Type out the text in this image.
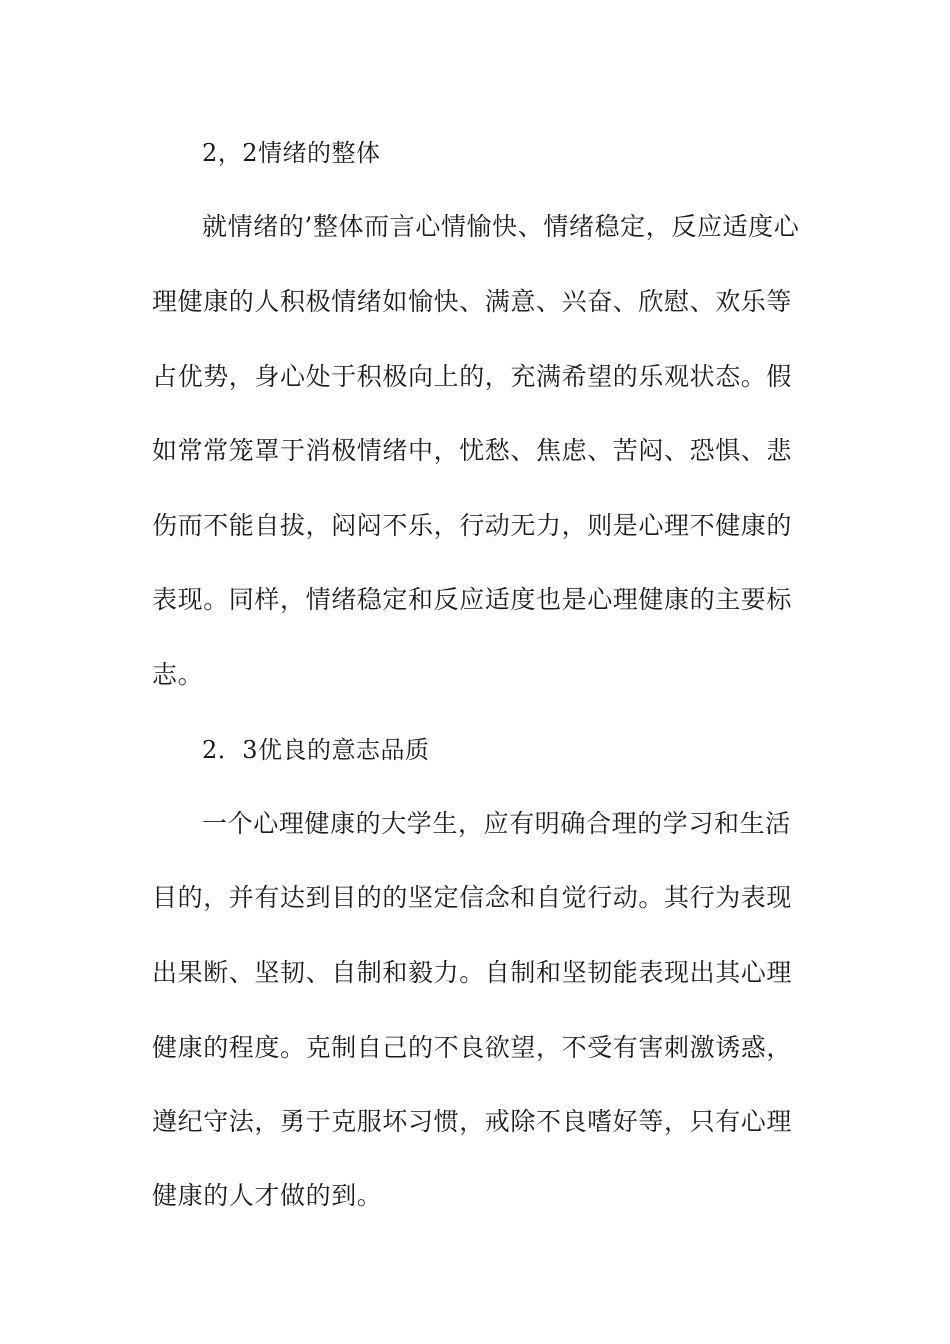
2，2情绪的整体
就情绪的’整体而言心情愉快、情绪稳定，反应适度心
理健康的人积极情绪如愉快、满意、兴奋、欣慰、欢乐等
占优势，身心处于积极向上的，充满希望的乐观状态。假
如常常笼罩于消极情绪中，忧愁、焦虑、苦闷、恐惧、悲
伤而不能自拔，闷闷不乐，行动无力，则是心理不健康的
表现。同样，情绪稳定和反应适度也是心理健康的主要标
志。
2．3优良的意志品质
一个心理健康的大学生，应有明确合理的学习和生活
目的，并有达到目的的坚定信念和自觉行动。其行为表现
出果断、坚韧、自制和毅力。自制和坚韧能表现出其心理
健康的程度。克制自己的不良欲望，不受有害刺激诱惑，
遵纪守法，勇于克服坏习惯，戒除不良嗜好等，只有心理
健康的人才做的到。
